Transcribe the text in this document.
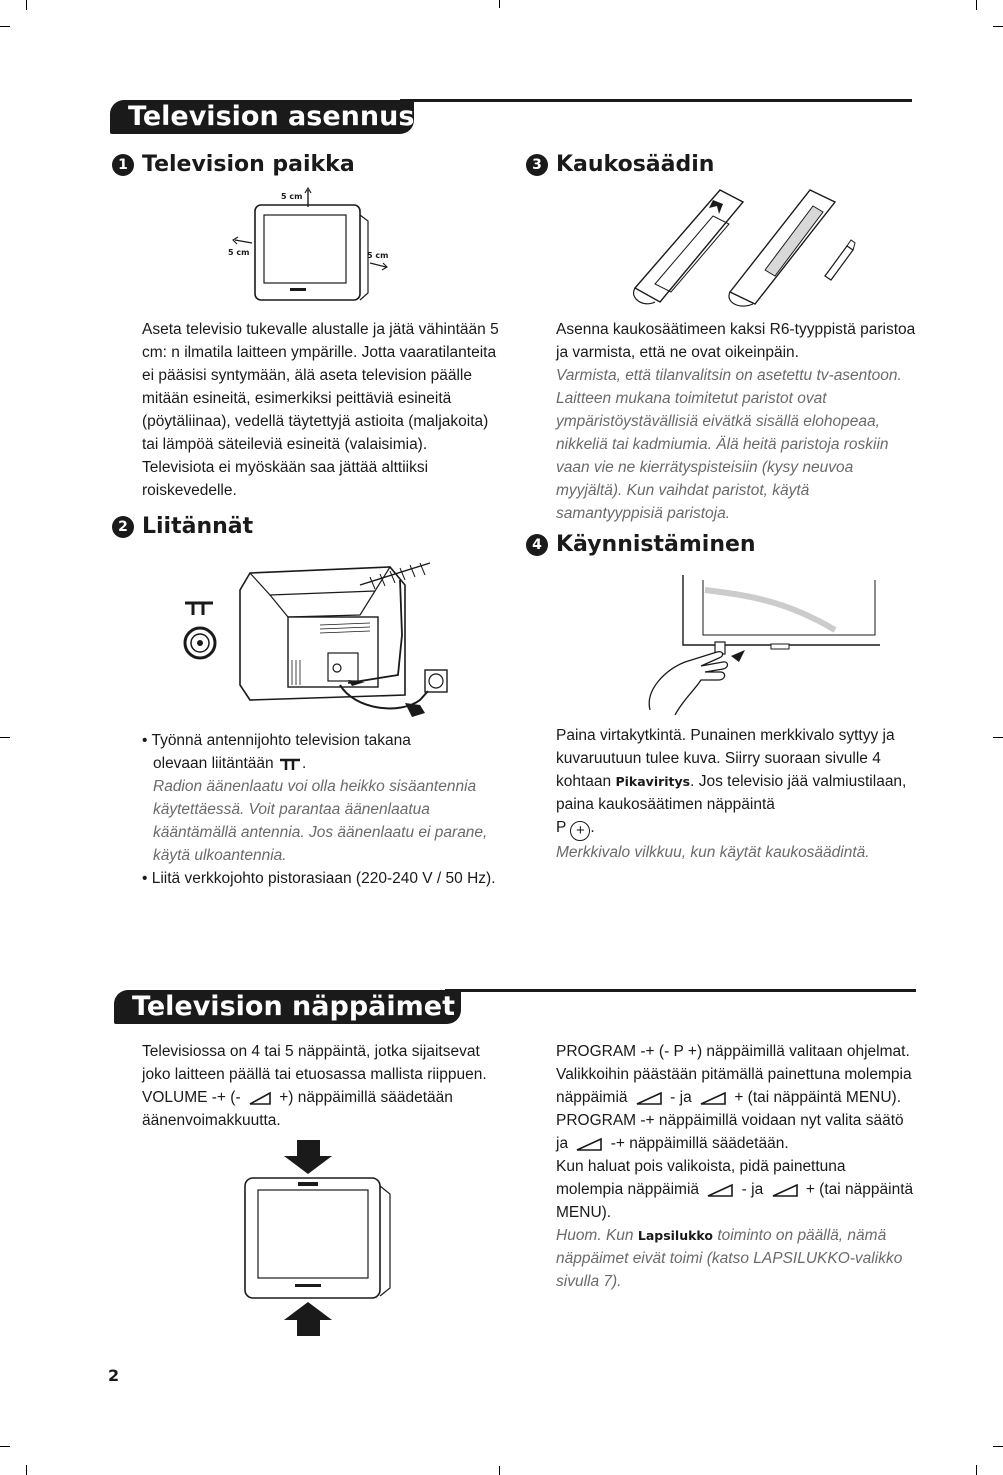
Television asennus
1 Television paikka
5 cm
5 cm	5 cm

Aseta televisio tukevalle alustalle ja jätä vähintään 5 cm: n ilmatila laitteen ympärille. Jotta vaaratilanteita ei pääsisi syntymään, älä aseta television päälle mitään esineitä, esimerkiksi peittäviä esineitä (pöytäliinaa), vedellä täytettyjä astioita (maljakoita) tai lämpöä säteileviä esineitä (valaisimia). Televisiota ei myöskään saa jättää alttiiksi roiskevedelle.

2 Liitännät

• Työnnä antennijohto television takana

olevaan liitäntään .

Radion äänenlaatu voi olla heikko sisäantennia käytettäessä. Voit parantaa äänenlaatua kääntämällä antennia. Jos äänenlaatu ei parane, käytä ulkoantennia.

• Liitä verkkojohto pistorasiaan (220-240 V / 50 Hz).

3 Kaukosäädin

Asenna kaukosäätimeen kaksi R6-tyyppistä paristoa ja varmista, että ne ovat oikeinpäin.

Varmista, että tilanvalitsin on asetettu tv-asentoon. Laitteen mukana toimitetut paristot ovat ympäristöystävällisiä eivätkä sisällä elohopeaa, nikkeliä tai kadmiumia. Älä heitä paristoja roskiin vaan vie ne kierrätyspisteisiin (kysy neuvoa myyjältä). Kun vaihdat paristot, käytä samantyyppisiä paristoja.

4 Käynnistäminen

Paina virtakytkintä. Punainen merkkivalo syttyy ja kuvaruutuun tulee kuva. Siirry suoraan sivulle 4 kohtaan Pikaviritys. Jos televisio jää valmiustilaan, paina kaukosäätimen näppäintä

P + .

Merkkivalo vilkkuu, kun käytät kaukosäädintä.

Television näppäimet

Televisiossa on 4 tai 5 näppäintä, jotka sijaitsevat joko laitteen päällä tai etuosassa mallista riippuen. VOLUME -+ (- +) näppäimillä säädetään äänenvoimakkuutta.

PROGRAM -+ (- P +) näppäimillä valitaan ohjelmat. Valikkoihin päästään pitämällä painettuna molempia näppäimiä	- ja	+ (tai näppäintä MENU).

PROGRAM -+ näppäimillä voidaan nyt valita säätö ja	-+ näppäimillä säädetään.

Kun haluat pois valikoista, pidä painettuna molempia näppäimiä	- ja	+ (tai näppäintä MENU).

Huom. Kun Lapsilukko toiminto on päällä, nämä näppäimet eivät toimi (katso LAPSILUKKO-valikko sivulla 7).

2
